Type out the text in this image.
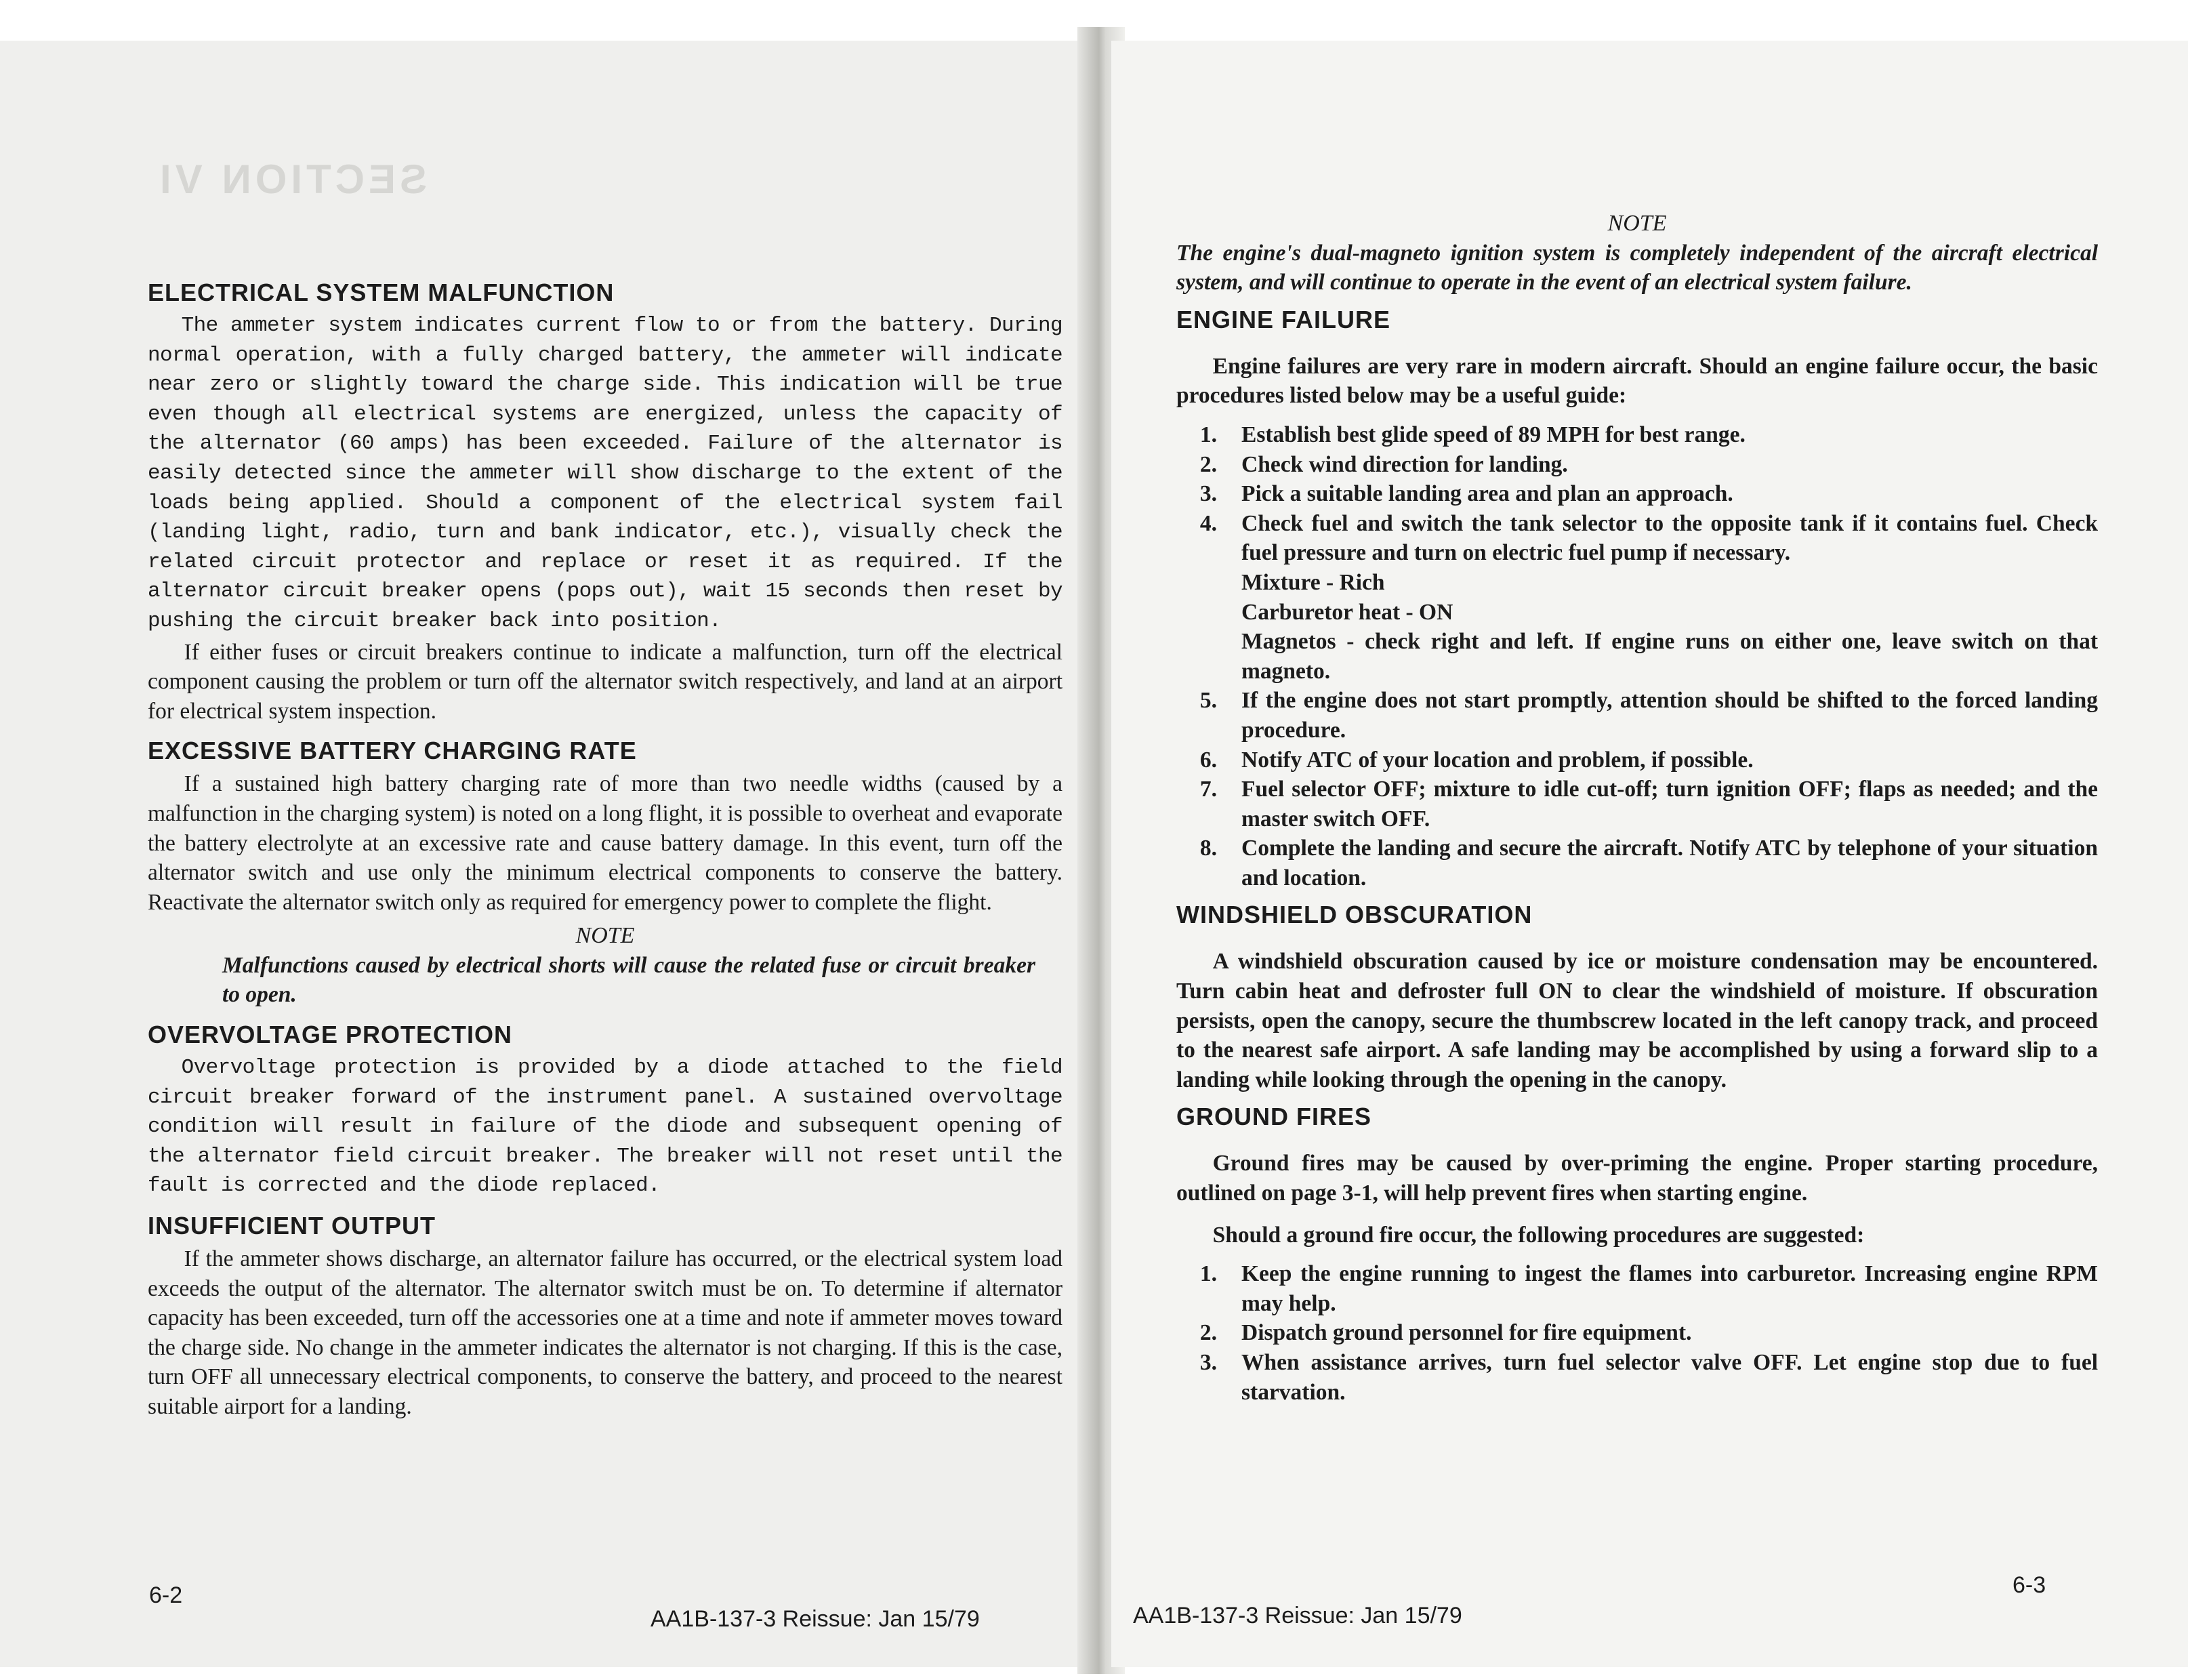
SECTION VI
ELECTRICAL SYSTEM MALFUNCTION

The ammeter system indicates current flow to or from the battery. During normal operation, with a fully charged battery, the ammeter will indicate near zero or slightly toward the charge side. This indication will be true even though all electrical systems are energized, unless the capacity of the alternator (60 amps) has been exceeded. Failure of the alternator is easily detected since the ammeter will show discharge to the extent of the loads being applied. Should a component of the electrical system fail (landing light, radio, turn and bank indicator, etc.), visually check the related circuit protector and replace or reset it as required. If the alternator circuit breaker opens (pops out), wait 15 seconds then reset by pushing the circuit breaker back into position.

If either fuses or circuit breakers continue to indicate a malfunction, turn off the electrical component causing the problem or turn off the alternator switch respectively, and land at an airport for electrical system inspection.

EXCESSIVE BATTERY CHARGING RATE

If a sustained high battery charging rate of more than two needle widths (caused by a malfunction in the charging system) is noted on a long flight, it is possible to overheat and evaporate the battery electrolyte at an excessive rate and cause battery damage. In this event, turn off the alternator switch and use only the minimum electrical components to conserve the battery. Reactivate the alternator switch only as required for emergency power to complete the flight.

NOTE
Malfunctions caused by electrical shorts will cause the related fuse or circuit breaker to open.
OVERVOLTAGE PROTECTION

Overvoltage protection is provided by a diode attached to the field circuit breaker forward of the instrument panel. A sustained overvoltage condition will result in failure of the diode and subsequent opening of the alternator field circuit breaker. The breaker will not reset until the fault is corrected and the diode replaced.

INSUFFICIENT OUTPUT

If the ammeter shows discharge, an alternator failure has occurred, or the electrical system load exceeds the output of the alternator. The alternator switch must be on. To determine if alternator capacity has been exceeded, turn off the accessories one at a time and note if ammeter moves toward the charge side. No change in the ammeter indicates the alternator is not charging. If this is the case, turn OFF all unnecessary electrical components, to conserve the battery, and proceed to the nearest suitable airport for a landing.

6-2
AA1B-137-3 Reissue: Jan 15/79
NOTE
The engine's dual-magneto ignition system is completely independent of the aircraft electrical system, and will continue to operate in the event of an electrical system failure.
ENGINE FAILURE

Engine failures are very rare in modern aircraft. Should an engine failure occur, the basic procedures listed below may be a useful guide:

1. Establish best glide speed of 89 MPH for best range.
2. Check wind direction for landing.
3. Pick a suitable landing area and plan an approach.
4. Check fuel and switch the tank selector to the opposite tank if it contains fuel. Check fuel pressure and turn on electric fuel pump if necessary.
Mixture - Rich
Carburetor heat - ON
Magnetos - check right and left. If engine runs on either one, leave switch on that magneto.
5. If the engine does not start promptly, attention should be shifted to the forced landing procedure.
6. Notify ATC of your location and problem, if possible.
7. Fuel selector OFF; mixture to idle cut-off; turn ignition OFF; flaps as needed; and the master switch OFF.
8. Complete the landing and secure the aircraft. Notify ATC by telephone of your situation and location.
WINDSHIELD OBSCURATION

A windshield obscuration caused by ice or moisture condensation may be encountered. Turn cabin heat and defroster full ON to clear the windshield of moisture. If obscuration persists, open the canopy, secure the thumbscrew located in the left canopy track, and proceed to the nearest safe airport. A safe landing may be accomplished by using a forward slip to a landing while looking through the opening in the canopy.

GROUND FIRES

Ground fires may be caused by over-priming the engine. Proper starting procedure, outlined on page 3-1, will help prevent fires when starting engine.

Should a ground fire occur, the following procedures are suggested:

1. Keep the engine running to ingest the flames into carburetor. Increasing engine RPM may help.
2. Dispatch ground personnel for fire equipment.
3. When assistance arrives, turn fuel selector valve OFF. Let engine stop due to fuel starvation.
AA1B-137-3 Reissue: Jan 15/79
6-3
